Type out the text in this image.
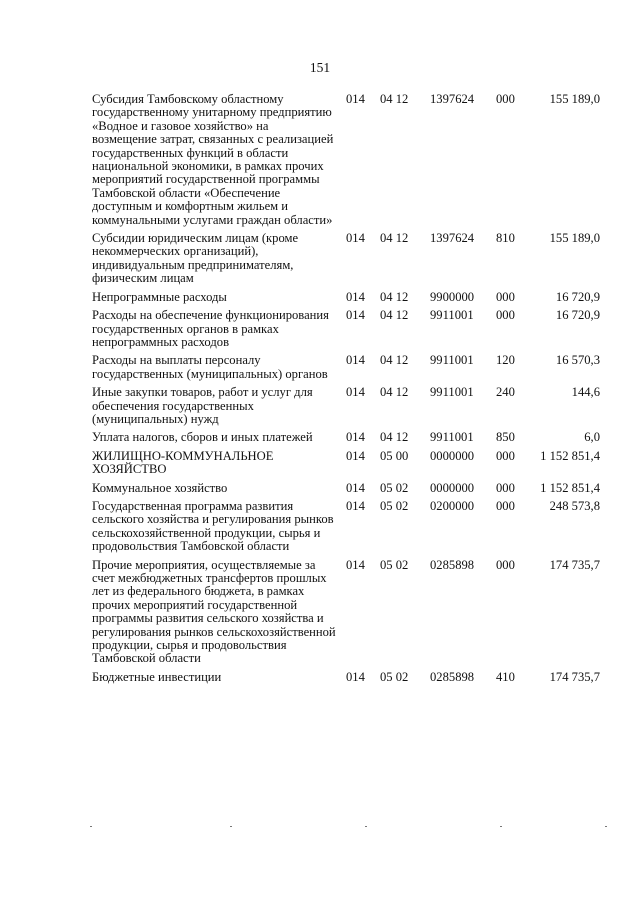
151
Субсидия Тамбовскому областному государственному унитарному предприятию «Водное и газовое хозяйство» на возмещение затрат, связанных с реализацией государственных функций в области национальной экономики, в рамках прочих мероприятий государственной программы Тамбовской области «Обеспечение доступным и комфортным жильем и коммунальными услугами граждан области»	014	04 12	1397624	000	155 189,0
Субсидии юридическим лицам (кроме некоммерческих организаций), индивидуальным предпринимателям, физическим лицам	014	04 12	1397624	810	155 189,0
Непрограммные расходы	014	04 12	9900000	000	16 720,9
Расходы на обеспечение функционирования государственных органов в рамках непрограммных расходов	014	04 12	9911001	000	16 720,9
Расходы на выплаты персоналу государственных (муниципальных) органов	014	04 12	9911001	120	16 570,3
Иные закупки товаров, работ и услуг для обеспечения государственных (муниципальных) нужд	014	04 12	9911001	240	144,6
Уплата налогов, сборов и иных платежей	014	04 12	9911001	850	6,0
ЖИЛИЩНО-КОММУНАЛЬНОЕ ХОЗЯЙСТВО	014	05 00	0000000	000	1 152 851,4
Коммунальное хозяйство	014	05 02	0000000	000	1 152 851,4
Государственная программа развития сельского хозяйства и регулирования рынков сельскохозяйственной продукции, сырья и продовольствия Тамбовской области	014	05 02	0200000	000	248 573,8
Прочие мероприятия, осуществляемые за счет межбюджетных трансфертов прошлых лет из федерального бюджета, в рамках прочих мероприятий государственной программы развития сельского хозяйства и регулирования рынков сельскохозяйственной продукции, сырья и продовольствия Тамбовской области	014	05 02	0285898	000	174 735,7
Бюджетные инвестиции	014	05 02	0285898	410	174 735,7
